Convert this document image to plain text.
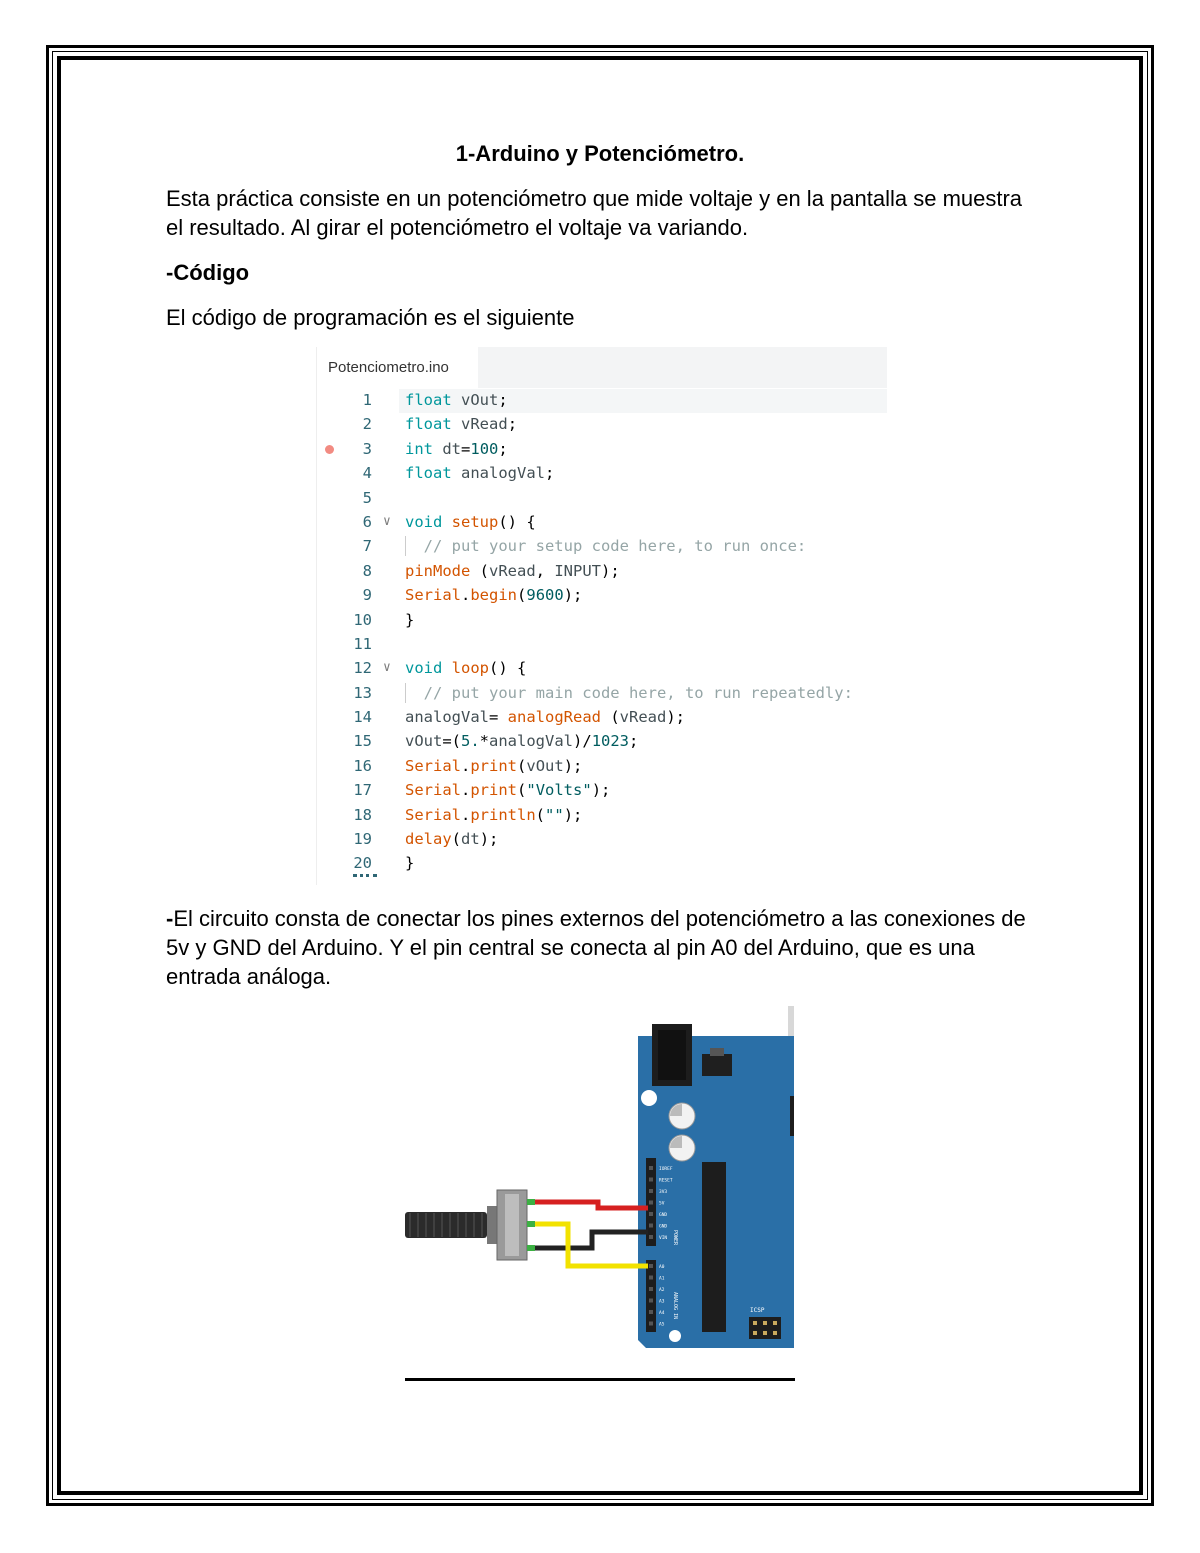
1-Arduino y Potenciómetro.
Esta práctica consiste en un potenciómetro que mide voltaje y en la pantalla se muestra el resultado. Al girar el potenciómetro el voltaje va variando.
-Código
El código de programación es el siguiente
Potenciometro.ino
1 float vOut;
2 float vRead;
3 int dt=100;
4 float analogVal;
5
6 ∨ void setup() {
7 // put your setup code here, to run once:
8 pinMode (vRead, INPUT);
9 Serial.begin(9600);
10 }
11
12 ∨ void loop() {
13 // put your main code here, to run repeatedly:
14 analogVal= analogRead (vRead);
15 vOut=(5.*analogVal)/1023;
16 Serial.print(vOut);
17 Serial.print("Volts");
18 Serial.println("");
19 delay(dt);
20 }
-El circuito consta de conectar los pines externos del potenciómetro a las conexiones de 5v y GND del Arduino. Y el pin central se conecta al pin A0 del Arduino, que es una entrada análoga.
IOREF
RESET
3V3
5V
GND
GND
VIN
A0
A1
A2
A3
A4
A5
POWER
ANALOG IN	ICSP
